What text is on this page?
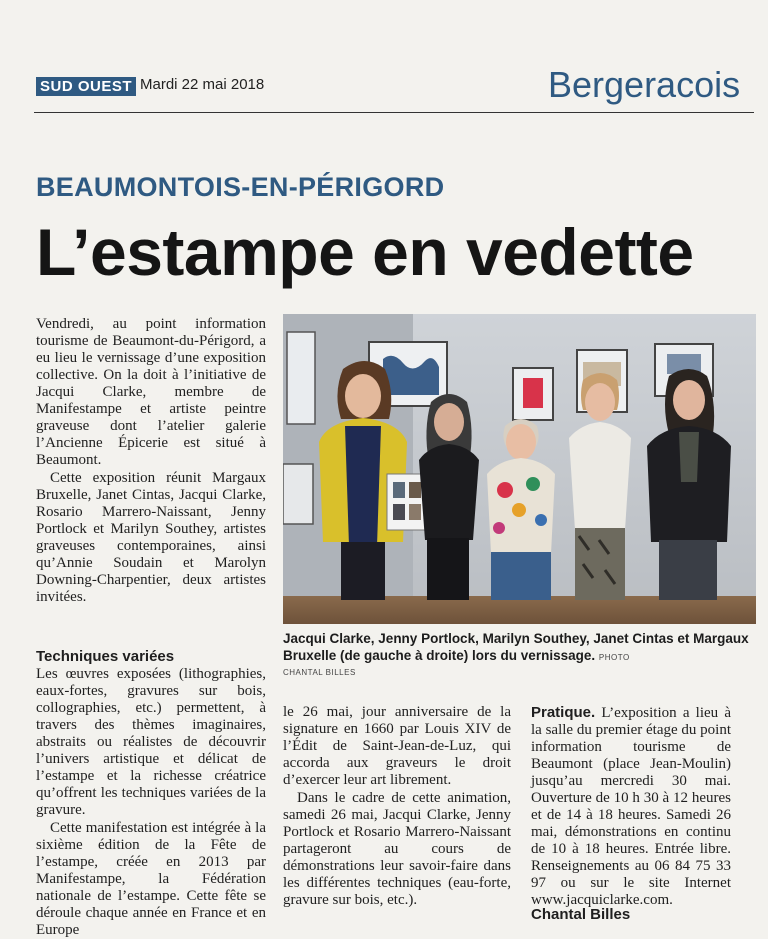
SUD OUEST Mardi 22 mai 2018	Bergeracois
BEAUMONTOIS-EN-PÉRIGORD
L’estampe en vedette

Vendredi, au point information tourisme de Beaumont-du-Périgord, a eu lieu le vernissage d’une exposition collective. On la doit à l’initiative de Jacqui Clarke, membre de Manifestampe et artiste peintre graveuse dont l’atelier galerie l’Ancienne Épicerie est situé à Beaumont.

Cette exposition réunit Margaux Bruxelle, Janet Cintas, Jacqui Clarke, Rosario Marrero-Naissant, Jenny Portlock et Marilyn Southey, artistes graveuses contemporaines, ainsi qu’Annie Soudain et Marolyn Downing-Charpentier, deux artistes invitées.

Jacqui Clarke, Jenny Portlock, Marilyn Southey, Janet Cintas et Margaux Bruxelle (de gauche à droite) lors du vernissage. PHOTO
CHANTAL BILLES
Techniques variées

Les œuvres exposées (lithographies, eaux-fortes, gravures sur bois, collographies, etc.) permettent, à travers des thèmes imaginaires, abstraits ou réalistes de découvrir l’univers artistique et délicat de l’estampe et la richesse créatrice qu’offrent les techniques variées de la gravure.

Cette manifestation est intégrée à la sixième édition de la Fête de l’estampe, créée en 2013 par Manifestampe, la Fédération nationale de l’estampe. Cette fête se déroule chaque année en France et en Europe

le 26 mai, jour anniversaire de la signature en 1660 par Louis XIV de l’Édit de Saint-Jean-de-Luz, qui accorda aux graveurs le droit d’exercer leur art librement.

Dans le cadre de cette animation, samedi 26 mai, Jacqui Clarke, Jenny Portlock et Rosario Marrero-Naissant partageront au cours de démonstrations leur savoir-faire dans les différentes techniques (eau-forte, gravure sur bois, etc.).

Pratique. L’exposition a lieu à la salle du premier étage du point information tourisme de Beaumont (place Jean-Moulin) jusqu’au mercredi 30 mai. Ouverture de 10 h 30 à 12 heures et de 14 à 18 heures. Samedi 26 mai, démonstrations en continu de 10 à 18 heures. Entrée libre. Renseignements au 06 84 75 33 97 ou sur le site Internet www.jacquiclarke.com.

Chantal Billes
